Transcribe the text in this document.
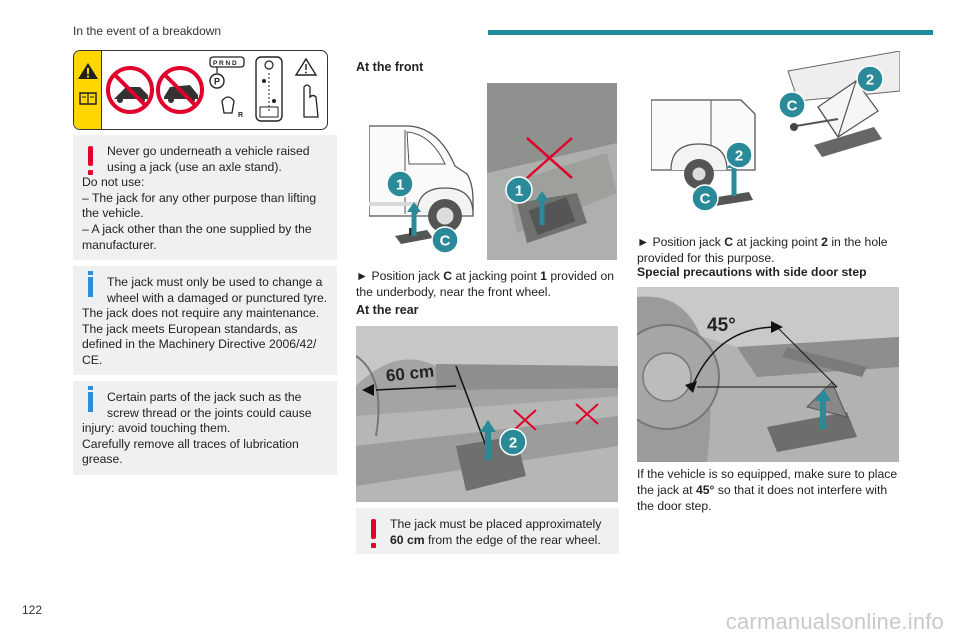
In the event of a breakdown
P R N D
P
R
Never go underneath a vehicle raised
using a jack (use an axle stand).
Do not use:
– The jack for any other purpose than lifting
the vehicle.
– A jack other than the one supplied by the
manufacturer.
The jack must only be used to change a
wheel with a damaged or punctured tyre.
The jack does not require any maintenance.
The jack meets European standards, as
defined in the Machinery Directive 2006/42/
CE.
Certain parts of the jack such as the
screw thread or the joints could cause
injury: avoid touching them.
Carefully remove all traces of lubrication
grease.
At the front
1
C
1
► Position jack C at jacking point 1 provided on
the underbody, near the front wheel.
At the rear
60 cm
2
The jack must be placed approximately
60 cm from the edge of the rear wheel.
2
C
2
C
► Position jack C at jacking point 2 in the hole
provided for this purpose.
Special precautions with side door step
45°
If the vehicle is so equipped, make sure to place
the jack at 45° so that it does not interfere with
the door step.
122	carmanualsonline.info
